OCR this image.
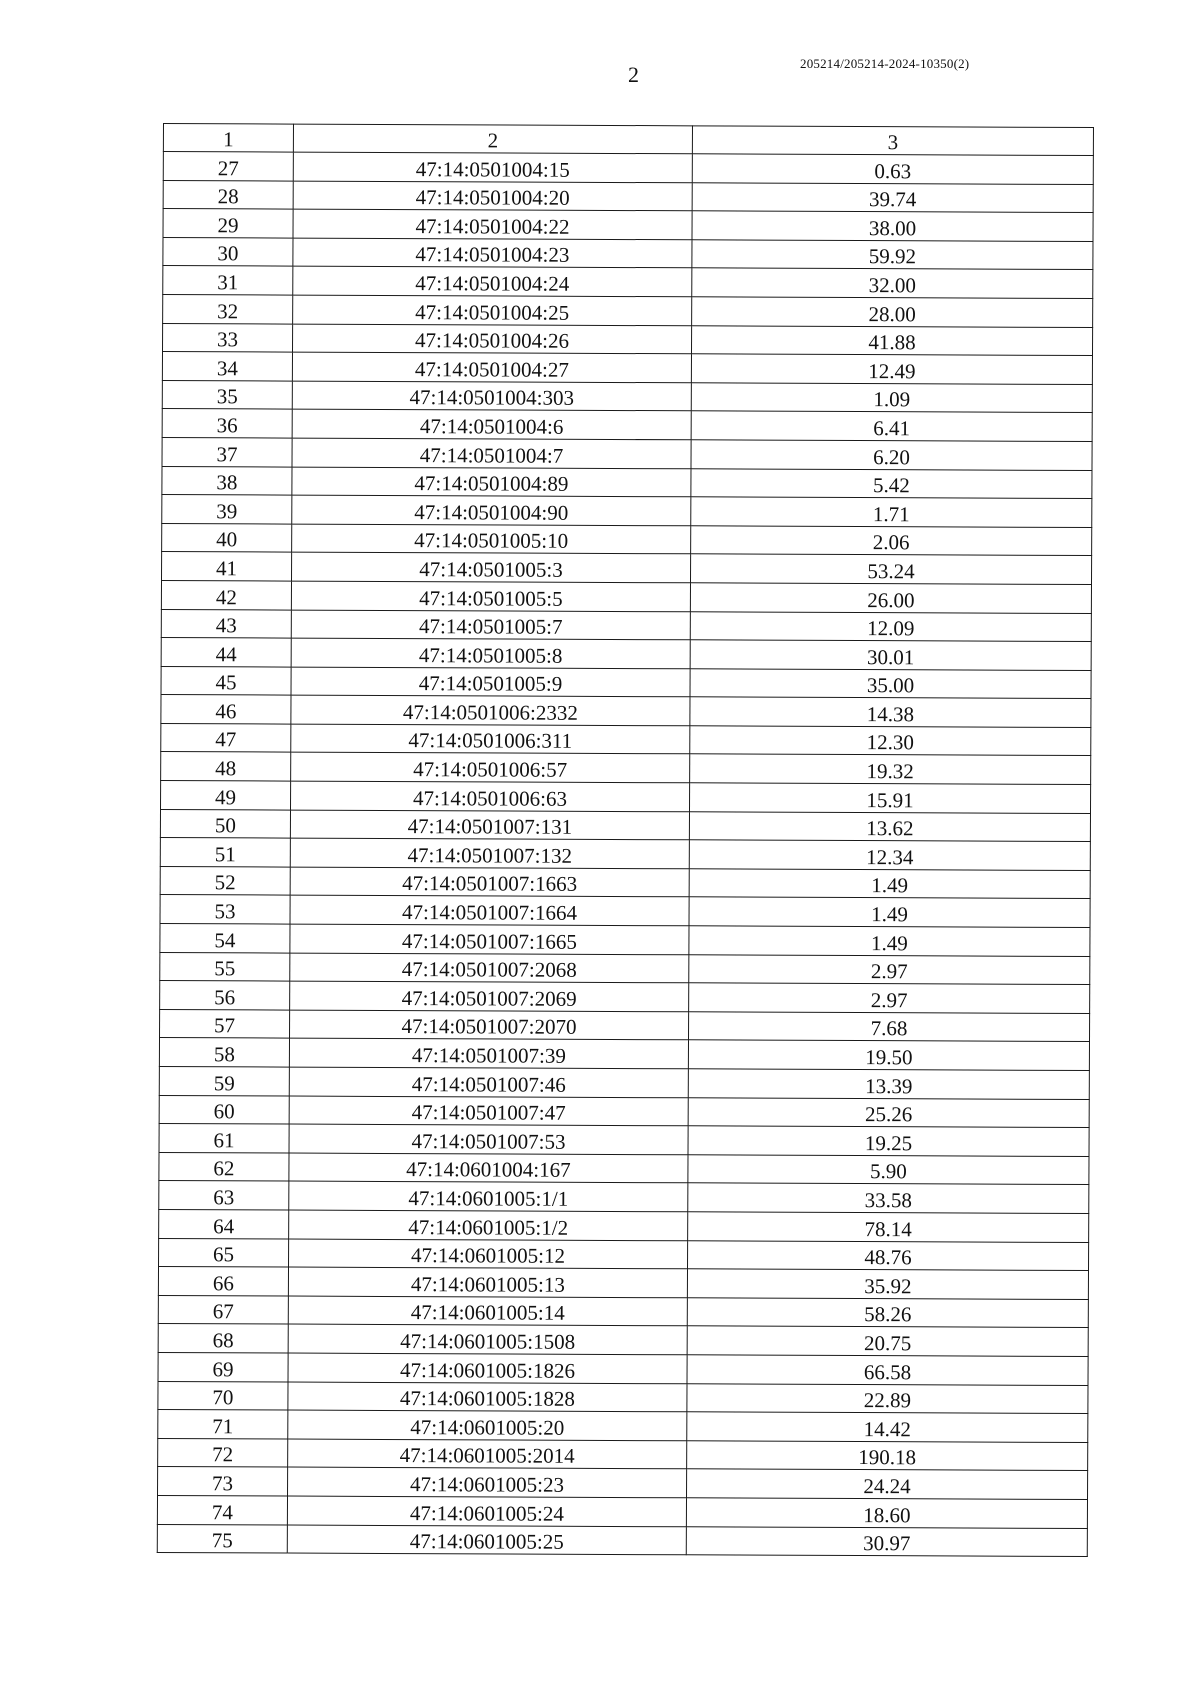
2	205214/205214-2024-10350(2)
1	2	3
27	47:14:0501004:15	0.63
28	47:14:0501004:20	39.74
29	47:14:0501004:22	38.00
30	47:14:0501004:23	59.92
31	47:14:0501004:24	32.00
32	47:14:0501004:25	28.00
33	47:14:0501004:26	41.88
34	47:14:0501004:27	12.49
35	47:14:0501004:303	1.09
36	47:14:0501004:6	6.41
37	47:14:0501004:7	6.20
38	47:14:0501004:89	5.42
39	47:14:0501004:90	1.71
40	47:14:0501005:10	2.06
41	47:14:0501005:3	53.24
42	47:14:0501005:5	26.00
43	47:14:0501005:7	12.09
44	47:14:0501005:8	30.01
45	47:14:0501005:9	35.00
46	47:14:0501006:2332	14.38
47	47:14:0501006:311	12.30
48	47:14:0501006:57	19.32
49	47:14:0501006:63	15.91
50	47:14:0501007:131	13.62
51	47:14:0501007:132	12.34
52	47:14:0501007:1663	1.49
53	47:14:0501007:1664	1.49
54	47:14:0501007:1665	1.49
55	47:14:0501007:2068	2.97
56	47:14:0501007:2069	2.97
57	47:14:0501007:2070	7.68
58	47:14:0501007:39	19.50
59	47:14:0501007:46	13.39
60	47:14:0501007:47	25.26
61	47:14:0501007:53	19.25
62	47:14:0601004:167	5.90
63	47:14:0601005:1/1	33.58
64	47:14:0601005:1/2	78.14
65	47:14:0601005:12	48.76
66	47:14:0601005:13	35.92
67	47:14:0601005:14	58.26
68	47:14:0601005:1508	20.75
69	47:14:0601005:1826	66.58
70	47:14:0601005:1828	22.89
71	47:14:0601005:20	14.42
72	47:14:0601005:2014	190.18
73	47:14:0601005:23	24.24
74	47:14:0601005:24	18.60
75	47:14:0601005:25	30.97
